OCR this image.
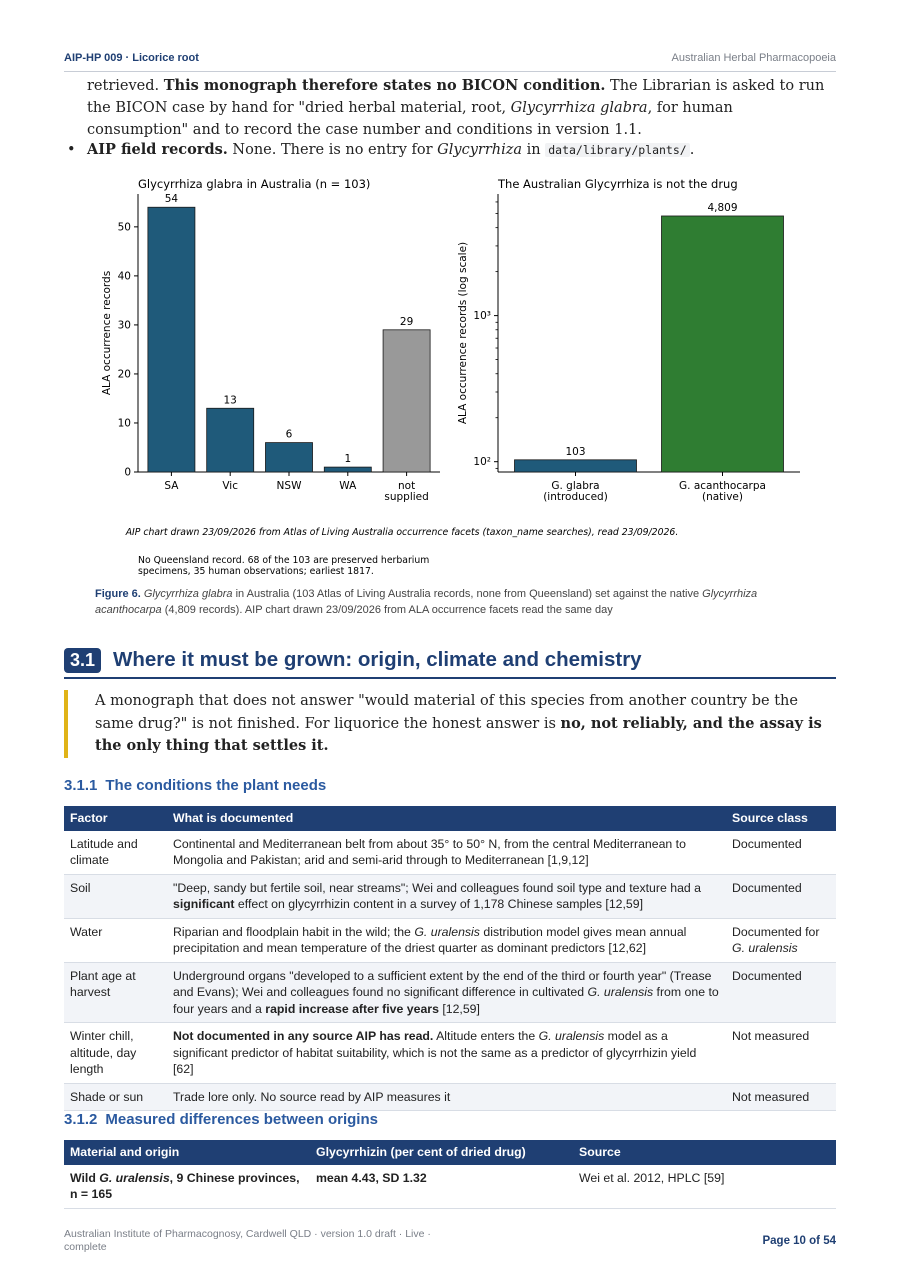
AIP-HP 009 · Licorice root	Australian Herbal Pharmacopoeia
retrieved. This monograph therefore states no BICON condition. The Librarian is asked to run the BICON case by hand for "dried herbal material, root, Glycyrrhiza glabra, for human consumption" and to record the case number and conditions in version 1.1.
• AIP field records. None. There is no entry for Glycyrrhiza in data/library/plants/ .
Glycyrrhiza glabra in Australia (n = 103)
0
10
20
30
40
50
54
SA
13
Vic
6
NSW
1
WA
29
not supplied
ALA occurrence records
The Australian Glycyrrhiza is not the drug
10²
10³
103
G. glabra (introduced)
4,809
G. acanthocarpa (native)
ALA occurrence records (log scale)
AIP chart drawn 23/09/2026 from Atlas of Living Australia occurrence facets (taxon_name searches), read 23/09/2026.
No Queensland record. 68 of the 103 are preserved herbarium
specimens, 35 human observations; earliest 1817.
Figure 6. Glycyrrhiza glabra in Australia (103 Atlas of Living Australia records, none from Queensland) set against the native Glycyrrhiza acanthocarpa (4,809 records). AIP chart drawn 23/09/2026 from ALA occurrence facets read the same day
3.1 Where it must be grown: origin, climate and chemistry
A monograph that does not answer "would material of this species from another country be the same drug?" is not finished. For liquorice the honest answer is no, not reliably, and the assay is the only thing that settles it.
3.1.1 The conditions the plant needs
Factor	What is documented	Source class
Latitude and climate	Continental and Mediterranean belt from about 35° to 50° N, from the central Mediterranean to Mongolia and Pakistan; arid and semi-arid through to Mediterranean [1,9,12]	Documented
Soil	"Deep, sandy but fertile soil, near streams"; Wei and colleagues found soil type and texture had a significant effect on glycyrrhizin content in a survey of 1,178 Chinese samples [12,59]	Documented
Water	Riparian and floodplain habit in the wild; the G. uralensis distribution model gives mean annual precipitation and mean temperature of the driest quarter as dominant predictors [12,62]	Documented for G. uralensis
Plant age at harvest	Underground organs "developed to a sufficient extent by the end of the third or fourth year" (Trease and Evans); Wei and colleagues found no significant difference in cultivated G. uralensis from one to four years and a rapid increase after five years [12,59]	Documented
Winter chill, altitude, day length	Not documented in any source AIP has read. Altitude enters the G. uralensis model as a significant predictor of habitat suitability, which is not the same as a predictor of glycyrrhizin yield [62]	Not measured
Shade or sun	Trade lore only. No source read by AIP measures it	Not measured
3.1.2 Measured differences between origins
Material and origin	Glycyrrhizin (per cent of dried drug)	Source
Wild G. uralensis, 9 Chinese provinces, n = 165	mean 4.43, SD 1.32	Wei et al. 2012, HPLC [59]
Australian Institute of Pharmacognosy, Cardwell QLD · version 1.0 draft · Live · complete	Page 10 of 54
